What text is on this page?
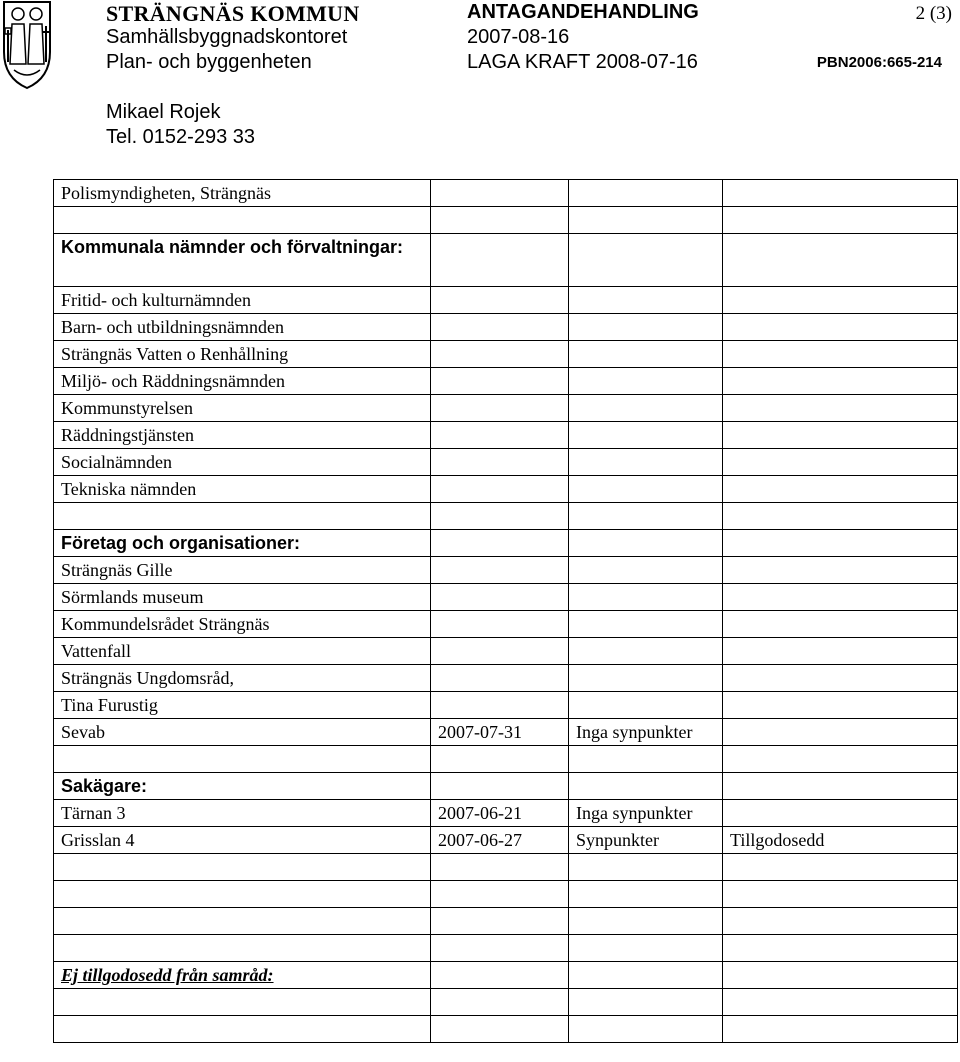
STRÄNGNÄS KOMMUN
Samhällsbyggnadskontoret
Plan- och byggenheten
Mikael Rojek
Tel. 0152-293 33
ANTAGANDEHANDLING
2007-08-16
LAGA KRAFT 2008-07-16
2 (3)
PBN2006:665-214
Polismyndigheten, Strängnäs			

Kommunala nämnder och förvaltningar:			
Fritid- och kulturnämnden			
Barn- och utbildningsnämnden			
Strängnäs Vatten o Renhållning			
Miljö- och Räddningsnämnden			
Kommunstyrelsen			
Räddningstjänsten			
Socialnämnden			
Tekniska nämnden			

Företag och organisationer:			
Strängnäs Gille			
Sörmlands museum			
Kommundelsrådet Strängnäs			
Vattenfall			
Strängnäs Ungdomsråd,			
Tina Furustig			
Sevab	2007-07-31	Inga synpunkter	

Sakägare:			
Tärnan 3	2007-06-21	Inga synpunkter	
Grisslan 4	2007-06-27	Synpunkter	Tillgodosedd

Ej tillgodosedd från samråd:			
